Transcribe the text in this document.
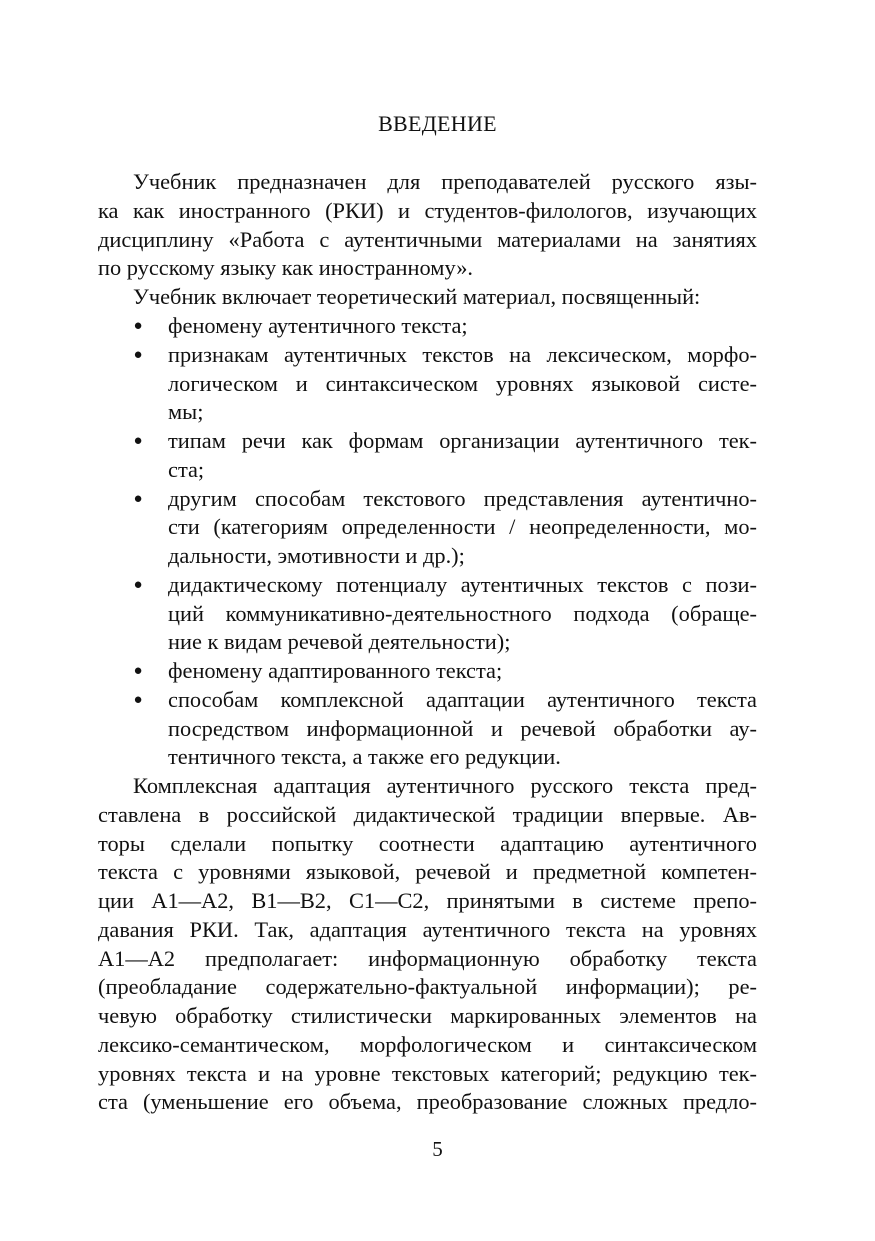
ВВЕДЕНИЕ
Учебник предназначен для преподавателей русского язы-
ка как иностранного (РКИ) и студентов-филологов, изучающих
дисциплину «Работа с аутентичными материалами на занятиях
по русскому языку как иностранному».
Учебник включает теоретический материал, посвященный:
● феномену аутентичного текста;
● признакам аутентичных текстов на лексическом, морфо-
логическом и синтаксическом уровнях языковой систе-
мы;
● типам речи как формам организации аутентичного тек-
ста;
● другим способам текстового представления аутентично-
сти (категориям определенности / неопределенности, мо-
дальности, эмотивности и др.);
● дидактическому потенциалу аутентичных текстов с пози-
ций коммуникативно-деятельностного подхода (обраще-
ние к видам речевой деятельности);
● феномену адаптированного текста;
● способам комплексной адаптации аутентичного текста
посредством информационной и речевой обработки ау-
тентичного текста, а также его редукции.
Комплексная адаптация аутентичного русского текста пред-
ставлена в российской дидактической традиции впервые. Ав-
торы сделали попытку соотнести адаптацию аутентичного
текста с уровнями языковой, речевой и предметной компетен-
ции А1—А2, В1—В2, С1—С2, принятыми в системе препо-
давания РКИ. Так, адаптация аутентичного текста на уровнях
А1—А2 предполагает: информационную обработку текста
(преобладание содержательно-фактуальной информации); ре-
чевую обработку стилистически маркированных элементов на
лексико-семантическом, морфологическом и синтаксическом
уровнях текста и на уровне текстовых категорий; редукцию тек-
ста (уменьшение его объема, преобразование сложных предло-
5
